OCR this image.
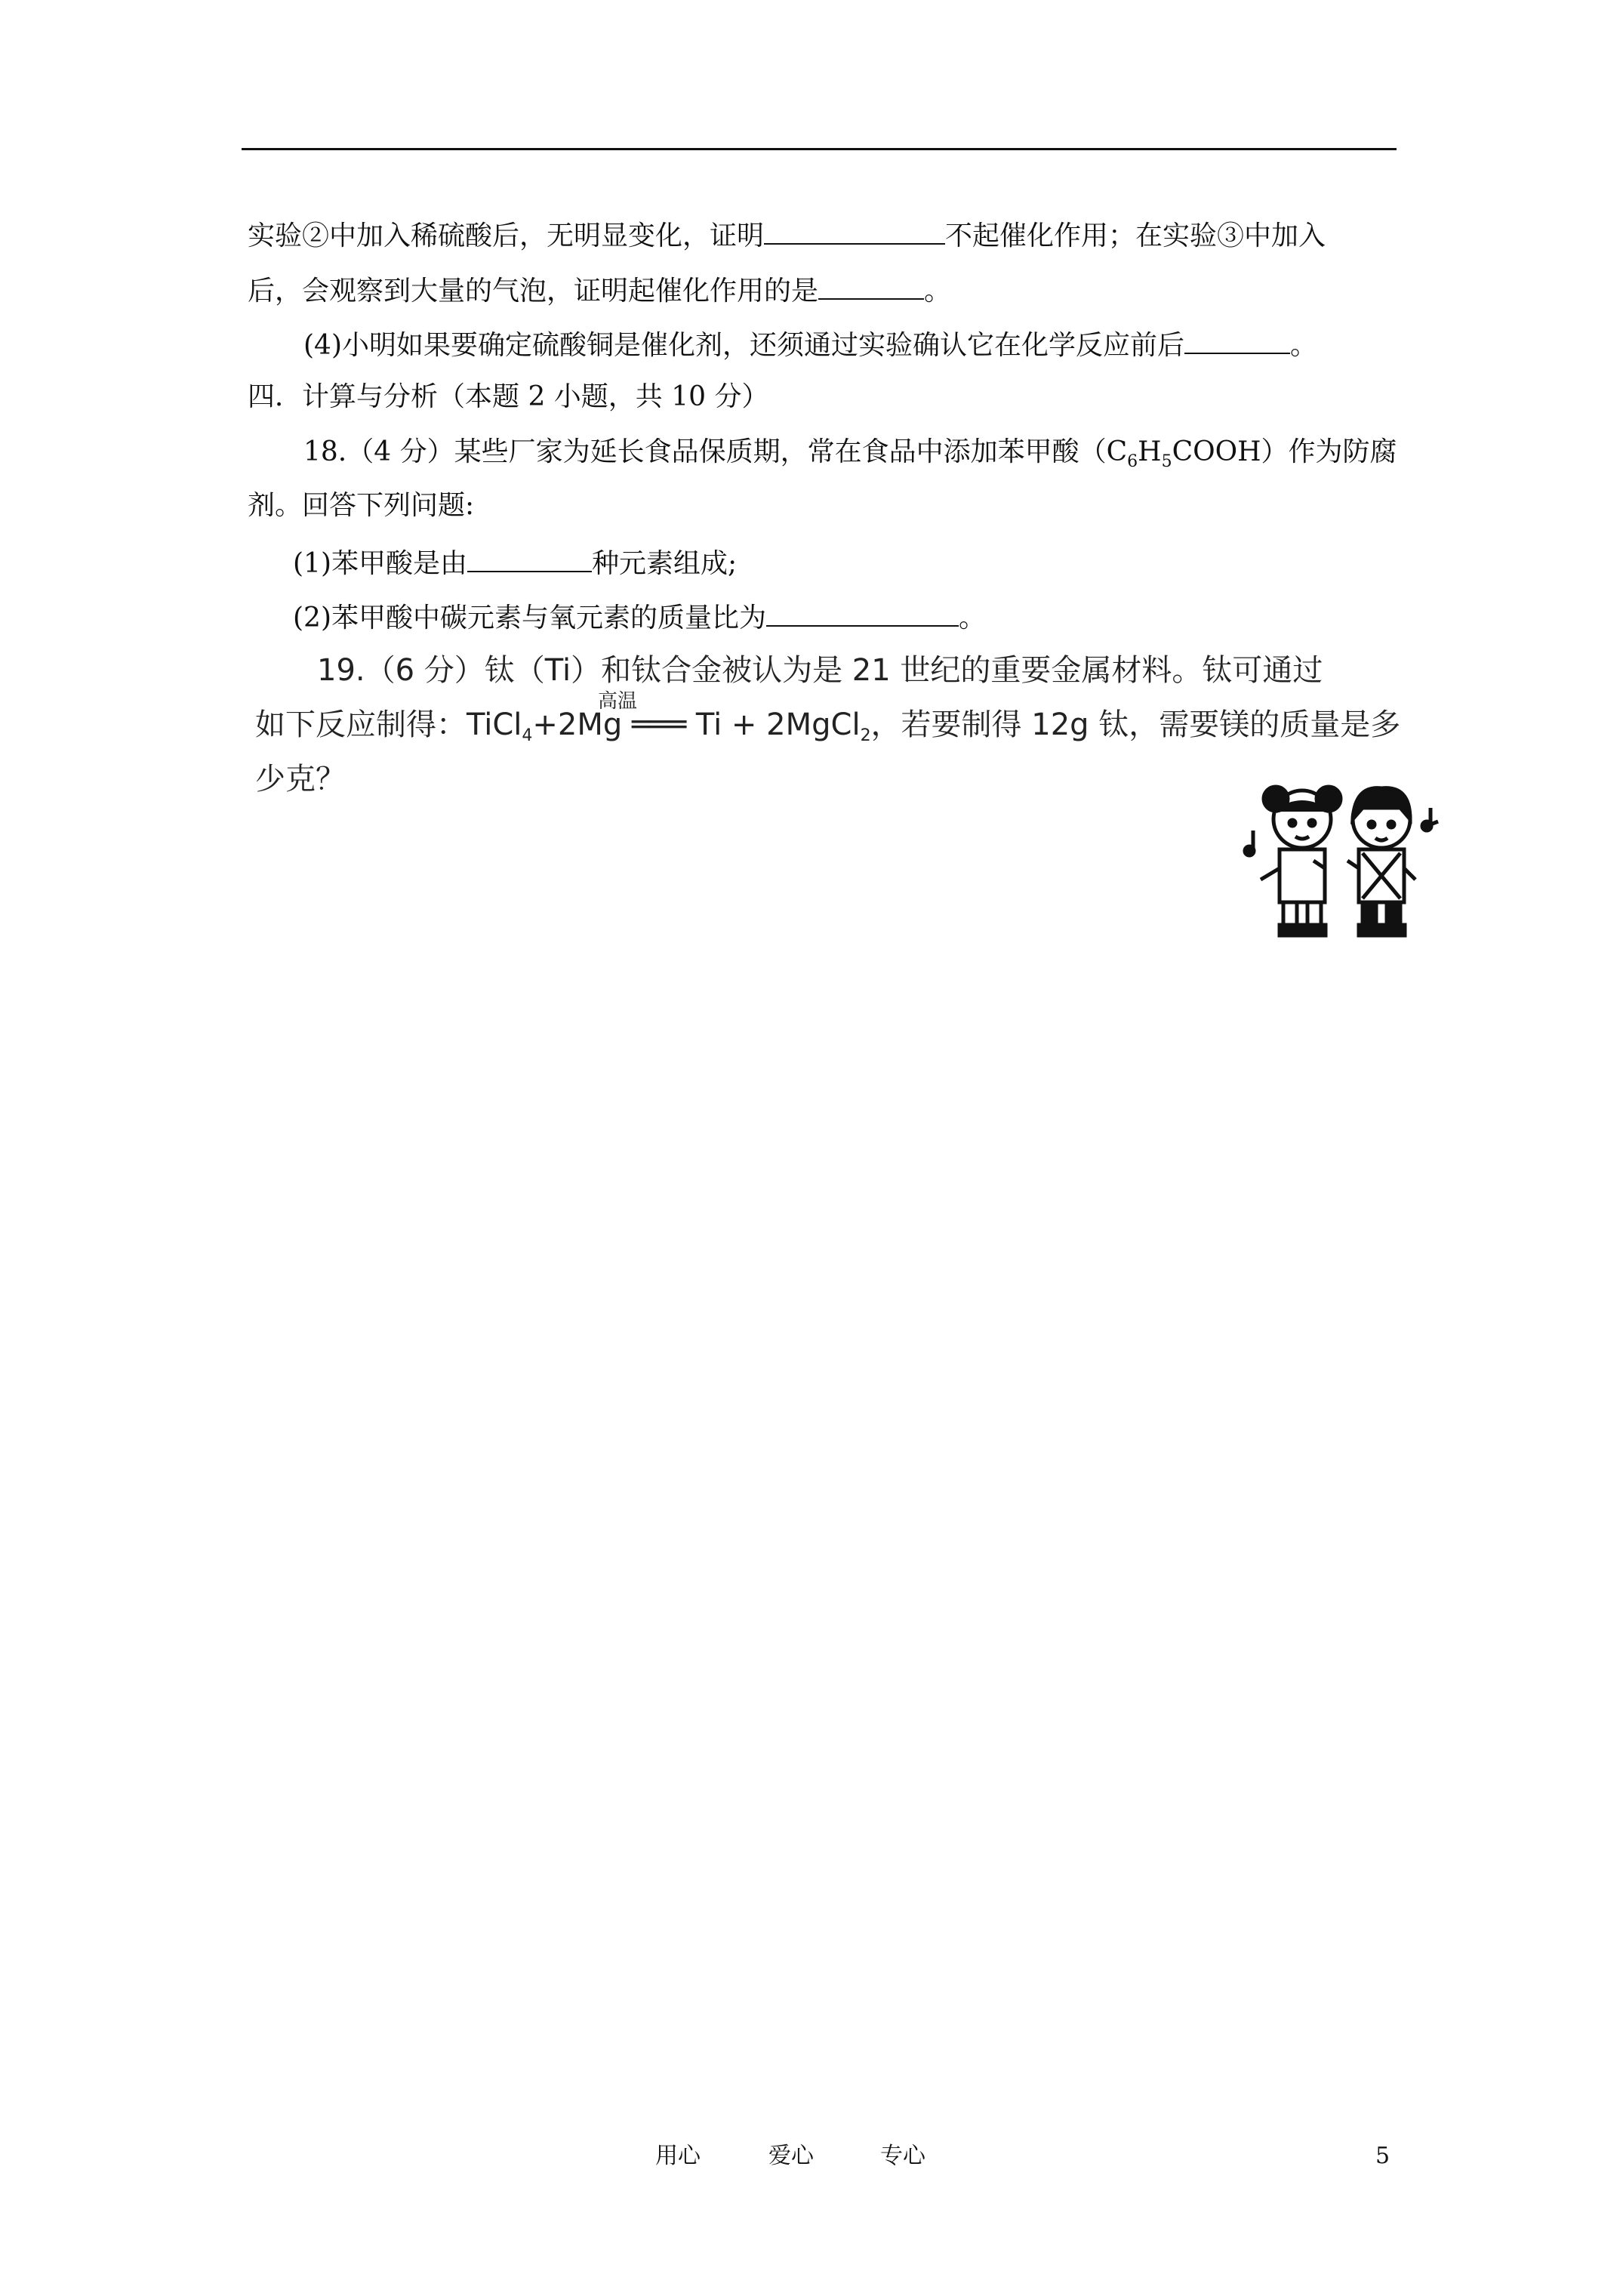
实验②中加入稀硫酸后，无明显变化，证明	不起催化作用；在实验③中加入
后，会观察到大量的气泡，证明起催化作用的是	。
(4)小明如果要确定硫酸铜是催化剂，还须通过实验确认它在化学反应前后	。
四．计算与分析（本题 2 小题，共 10 分）
18.（4 分）某些厂家为延长食品保质期，常在食品中添加苯甲酸$(C_6H_5COOH)$作为防腐
剂。回答下列问题:
(1)苯甲酸是由	种元素组成;
(2)苯甲酸中碳元素与氧元素的质量比为	。
19.（6 分）钛（Ti）和钛合金被认为是 21 世纪的重要金属材料。钛可通过
高温
如下反应制得：TiCl$_4$+2Mg ═══ Ti + 2MgCl$_2$，若要制得 12g 钛，需要镁的质量是多
少克？
用心	爱心	专心	5
